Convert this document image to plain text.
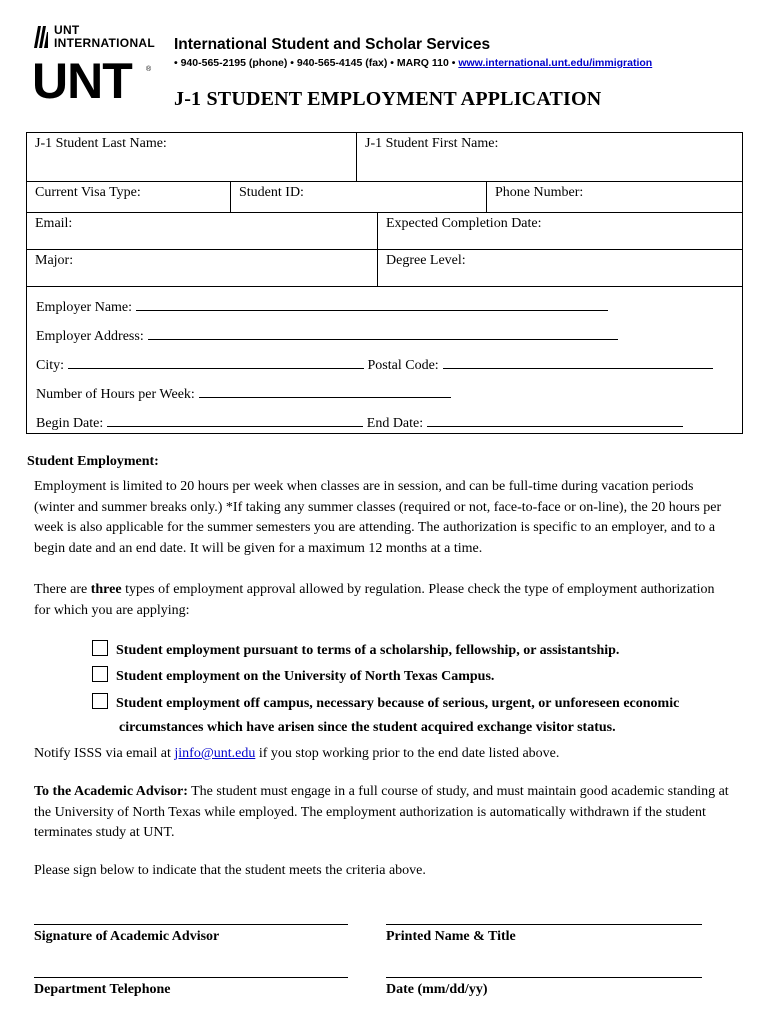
UNT
INTERNATIONAL
UNT ®
International Student and Scholar Services
• 940-565-2195 (phone) • 940-565-4145 (fax) • MARQ 110 • www.international.unt.edu/immigration
J-1 STUDENT EMPLOYMENT APPLICATION
J-1 Student Last Name:	J-1 Student First Name:
Current Visa Type:	Student ID:	Phone Number:
Email:	Expected Completion Date:
Major:	Degree Level:
Employer Name:
Employer Address:
City:	Postal Code:
Number of Hours per Week:
Begin Date:	End Date:
Student Employment:
Employment is limited to 20 hours per week when classes are in session, and can be full-time during vacation periods (winter and summer breaks only.) *If taking any summer classes (required or not, face-to-face or on-line), the 20 hours per week is also applicable for the summer semesters you are attending. The authorization is specific to an employer, and to a begin date and an end date. It will be given for a maximum 12 months at a time.
There are three types of employment approval allowed by regulation. Please check the type of employment authorization for which you are applying:
Student employment pursuant to terms of a scholarship, fellowship, or assistantship.
Student employment on the University of North Texas Campus.
Student employment off campus, necessary because of serious, urgent, or unforeseen economic
circumstances which have arisen since the student acquired exchange visitor status.
Notify ISSS via email at jinfo@unt.edu if you stop working prior to the end date listed above.
To the Academic Advisor: The student must engage in a full course of study, and must maintain good academic standing at the University of North Texas while employed. The employment authorization is automatically withdrawn if the student terminates study at UNT.
Please sign below to indicate that the student meets the criteria above.
Signature of Academic Advisor	Printed Name & Title
Department Telephone	Date (mm/dd/yy)
